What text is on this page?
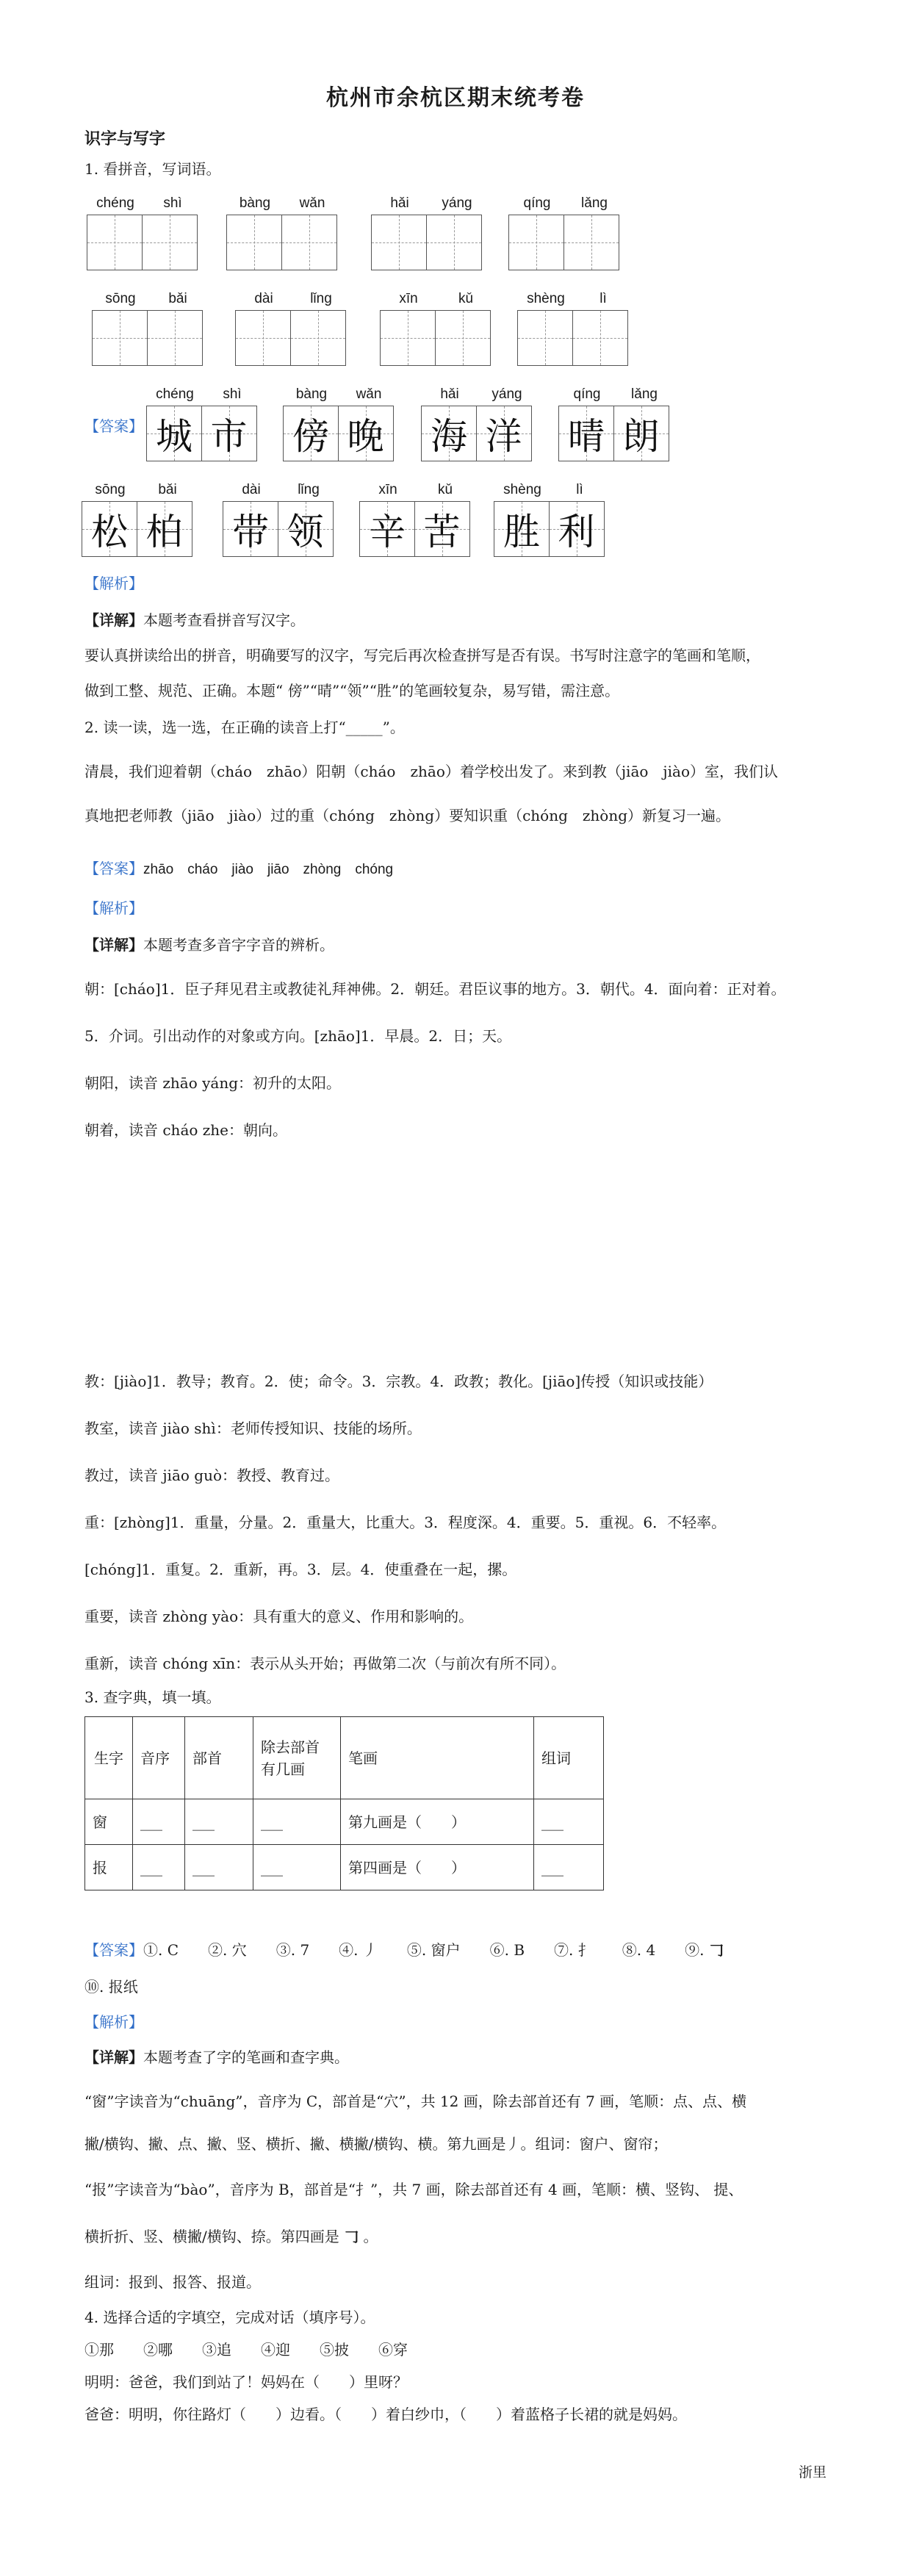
杭州市余杭区期末统考卷
识字与写字
1. 看拼音，写词语。
chéng	shì	bàng	wǎn	hǎi	yáng	qíng	lǎng
sōng	bǎi	dài	lǐng	xīn	kǔ	shèng	lì
【答案】
chéng	shì
城 市
bàng	wǎn
傍 晚
hǎi	yáng
海 洋
qíng	lǎng
晴 朗
sōng	bǎi
松 柏
dài	lǐng
带 领
xīn	kǔ
辛 苦
shèng	lì
胜 利
【解析】
【详解】本题考查看拼音写汉字。
要认真拼读给出的拼音，明确要写的汉字，写完后再次检查拼写是否有误。书写时注意字的笔画和笔顺，
做到工整、规范、正确。本题“ 傍”“晴”“领”“胜”的笔画较复杂，易写错，需注意。
2. 读一读，选一选，在正确的读音上打“_____”。
清晨，我们迎着朝（cháo　zhāo）阳朝（cháo　zhāo）着学校出发了。来到教（jiāo　jiào）室，我们认
真地把老师教（jiāo　jiào）过的重（chóng　zhòng）要知识重（chóng　zhòng）新复习一遍。
【答案】zhāo　cháo　jiào　jiāo　zhòng　chóng
【解析】
【详解】本题考查多音字字音的辨析。
朝：[cháo]1．臣子拜见君主或教徒礼拜神佛。2．朝廷。君臣议事的地方。3．朝代。4．面向着：正对着。
5．介词。引出动作的对象或方向。[zhāo]1．早晨。2．日；天。
朝阳，读音 zhāo yáng：初升的太阳。
朝着，读音 cháo zhe：朝向。
教：[jiào]1．教导；教育。2．使；命令。3．宗教。4．政教；教化。[jiāo]传授（知识或技能）
教室，读音 jiào shì：老师传授知识、技能的场所。
教过，读音 jiāo guò：教授、教育过。
重：[zhòng]1．重量，分量。2．重量大，比重大。3．程度深。4．重要。5．重视。6．不轻率。
[chóng]1．重复。2．重新，再。3．层。4．使重叠在一起，摞。
重要，读音 zhòng yào：具有重大的意义、作用和影响的。
重新，读音 chóng xīn：表示从头开始；再做第二次（与前次有所不同）。
3. 查字典，填一填。
生字	音序	部首	除去部首有几画	笔画	组词
窗	___	___	___	第九画是（　　）	___
报	___	___	___	第四画是（　　）	___
【答案】①. C　　②. 穴　　③. 7　　④. 丿　　⑤. 窗户　　⑥. B　　⑦. 扌　　⑧. 4　　⑨. 𠃌
⑩. 报纸
【解析】
【详解】本题考查了字的笔画和查字典。
“窗”字读音为“chuāng”，音序为 C，部首是“穴”，共 12 画，除去部首还有 7 画，笔顺：点、点、横
撇/横钩、撇、点、撇、竖、横折、撇、横撇/横钩、横。第九画是丿。组词：窗户、窗帘；
“报”字读音为“bào”，音序为 B，部首是“扌”，共 7 画，除去部首还有 4 画，笔顺：横、竖钩、 提、
横折折、竖、横撇/横钩、捺。第四画是 𠃌 。
组词：报到、报答、报道。
4. 选择合适的字填空，完成对话（填序号）。
①那　　②哪　　③追　　④迎　　⑤披　　⑥穿
明明：爸爸，我们到站了！妈妈在（　　）里呀？
爸爸：明明，你往路灯（　　）边看。（　　）着白纱巾，（　　）着蓝格子长裙的就是妈妈。
浙里
